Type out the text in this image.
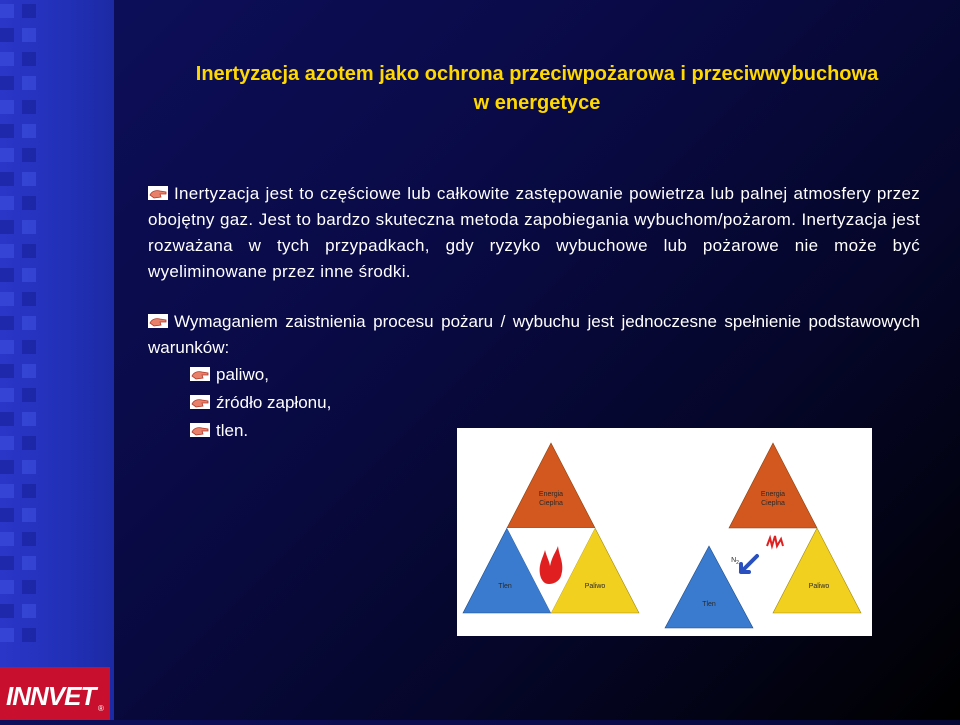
Inertyzacja azotem jako ochrona przeciwpożarowa i przeciwwybuchowa
w energetyce
Inertyzacja jest to częściowe lub całkowite zastępowanie powietrza lub palnej atmosfery przez obojętny gaz. Jest to bardzo skuteczna metoda zapobiegania wybuchom/pożarom. Inertyzacja jest rozważana w tych przypadkach, gdy ryzyko wybuchowe lub pożarowe nie może być wyeliminowane przez inne środki.
Wymaganiem zaistnienia procesu pożaru / wybuchu jest jednoczesne spełnienie podstawowych warunków:
paliwo,
źródło zapłonu,
tlen.
Energia
Cieplna
Tlen	Paliwo
$N_2$
Energia
Cieplna
Tlen
Paliwo
INNVET ®
